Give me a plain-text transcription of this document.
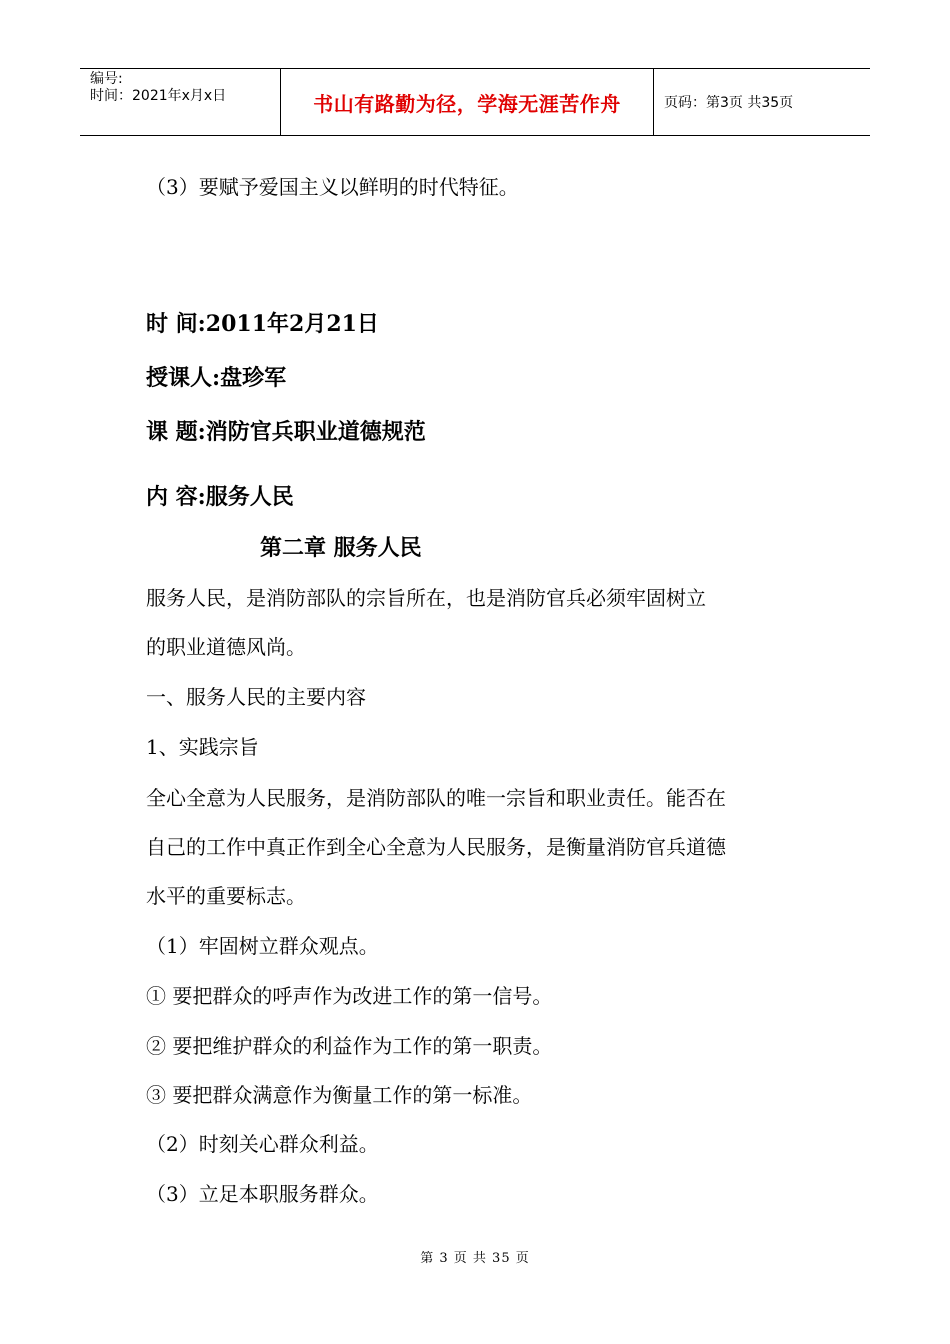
编号:
时间：2021年x月x日	书山有路勤为径，学海无涯苦作舟	页码：第3页 共35页
（3）要赋予爱国主义以鲜明的时代特征。
时 间:2011年2月21日
授课人:盘珍军
课 题:消防官兵职业道德规范
内 容:服务人民
第二章 服务人民
服务人民，是消防部队的宗旨所在，也是消防官兵必须牢固树立
的职业道德风尚。
一、服务人民的主要内容
1、实践宗旨
全心全意为人民服务，是消防部队的唯一宗旨和职业责任。能否在
自己的工作中真正作到全心全意为人民服务，是衡量消防官兵道德
水平的重要标志。
（1）牢固树立群众观点。
① 要把群众的呼声作为改进工作的第一信号。
② 要把维护群众的利益作为工作的第一职责。
③ 要把群众满意作为衡量工作的第一标准。
（2）时刻关心群众利益。
（3）立足本职服务群众。
第 3 页 共 35 页
